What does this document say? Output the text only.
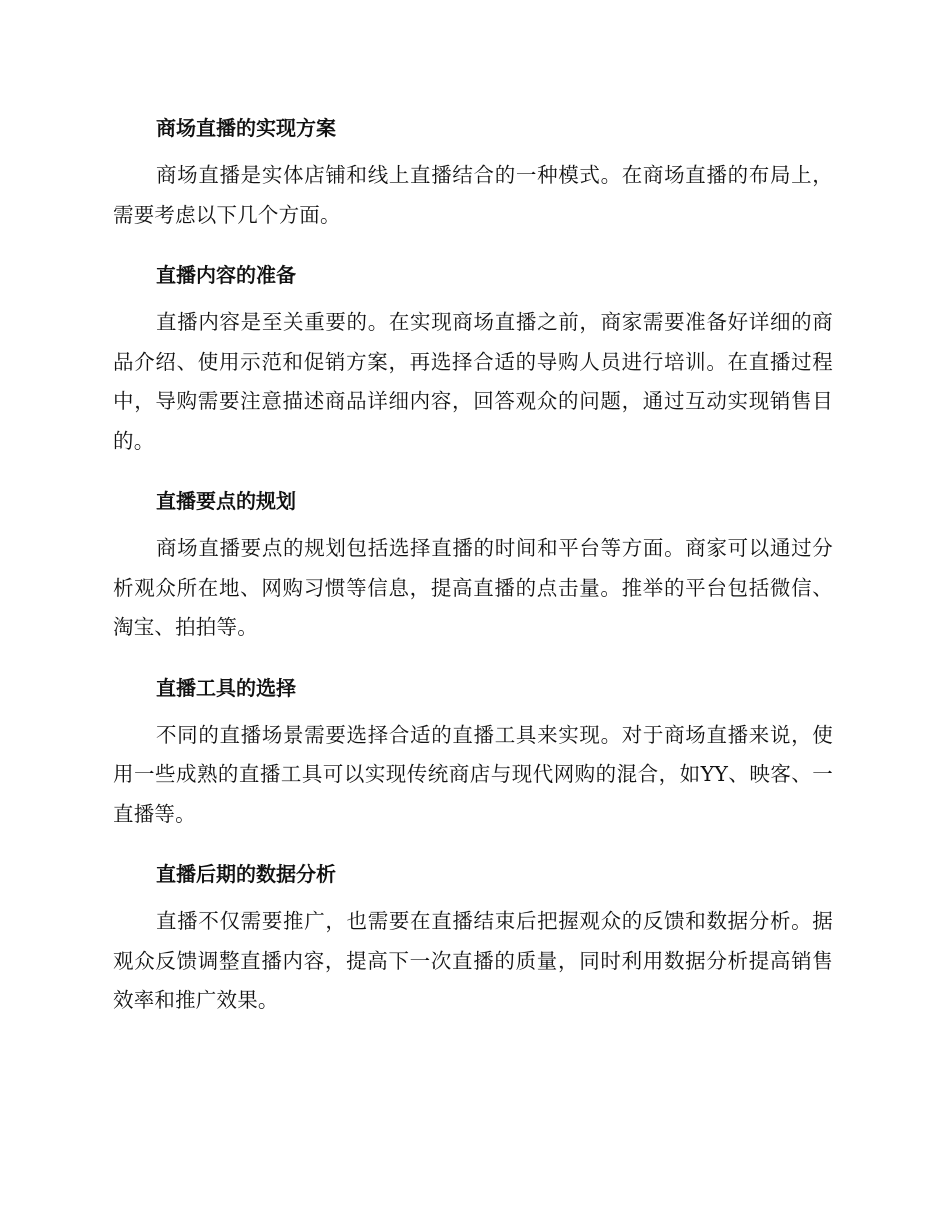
商场直播的实现方案

商场直播是实体店铺和线上直播结合的一种模式。在商场直播的布局上，需要考虑以下几个方面。

直播内容的准备

直播内容是至关重要的。在实现商场直播之前，商家需要准备好详细的商品介绍、使用示范和促销方案，再选择合适的导购人员进行培训。在直播过程中，导购需要注意描述商品详细内容，回答观众的问题，通过互动实现销售目的。

直播要点的规划

商场直播要点的规划包括选择直播的时间和平台等方面。商家可以通过分析观众所在地、网购习惯等信息，提高直播的点击量。推举的平台包括微信、淘宝、拍拍等。

直播工具的选择

不同的直播场景需要选择合适的直播工具来实现。对于商场直播来说，使用一些成熟的直播工具可以实现传统商店与现代网购的混合，如YY、映客、一直播等。

直播后期的数据分析

直播不仅需要推广，也需要在直播结束后把握观众的反馈和数据分析。据观众反馈调整直播内容，提高下一次直播的质量，同时利用数据分析提高销售效率和推广效果。
